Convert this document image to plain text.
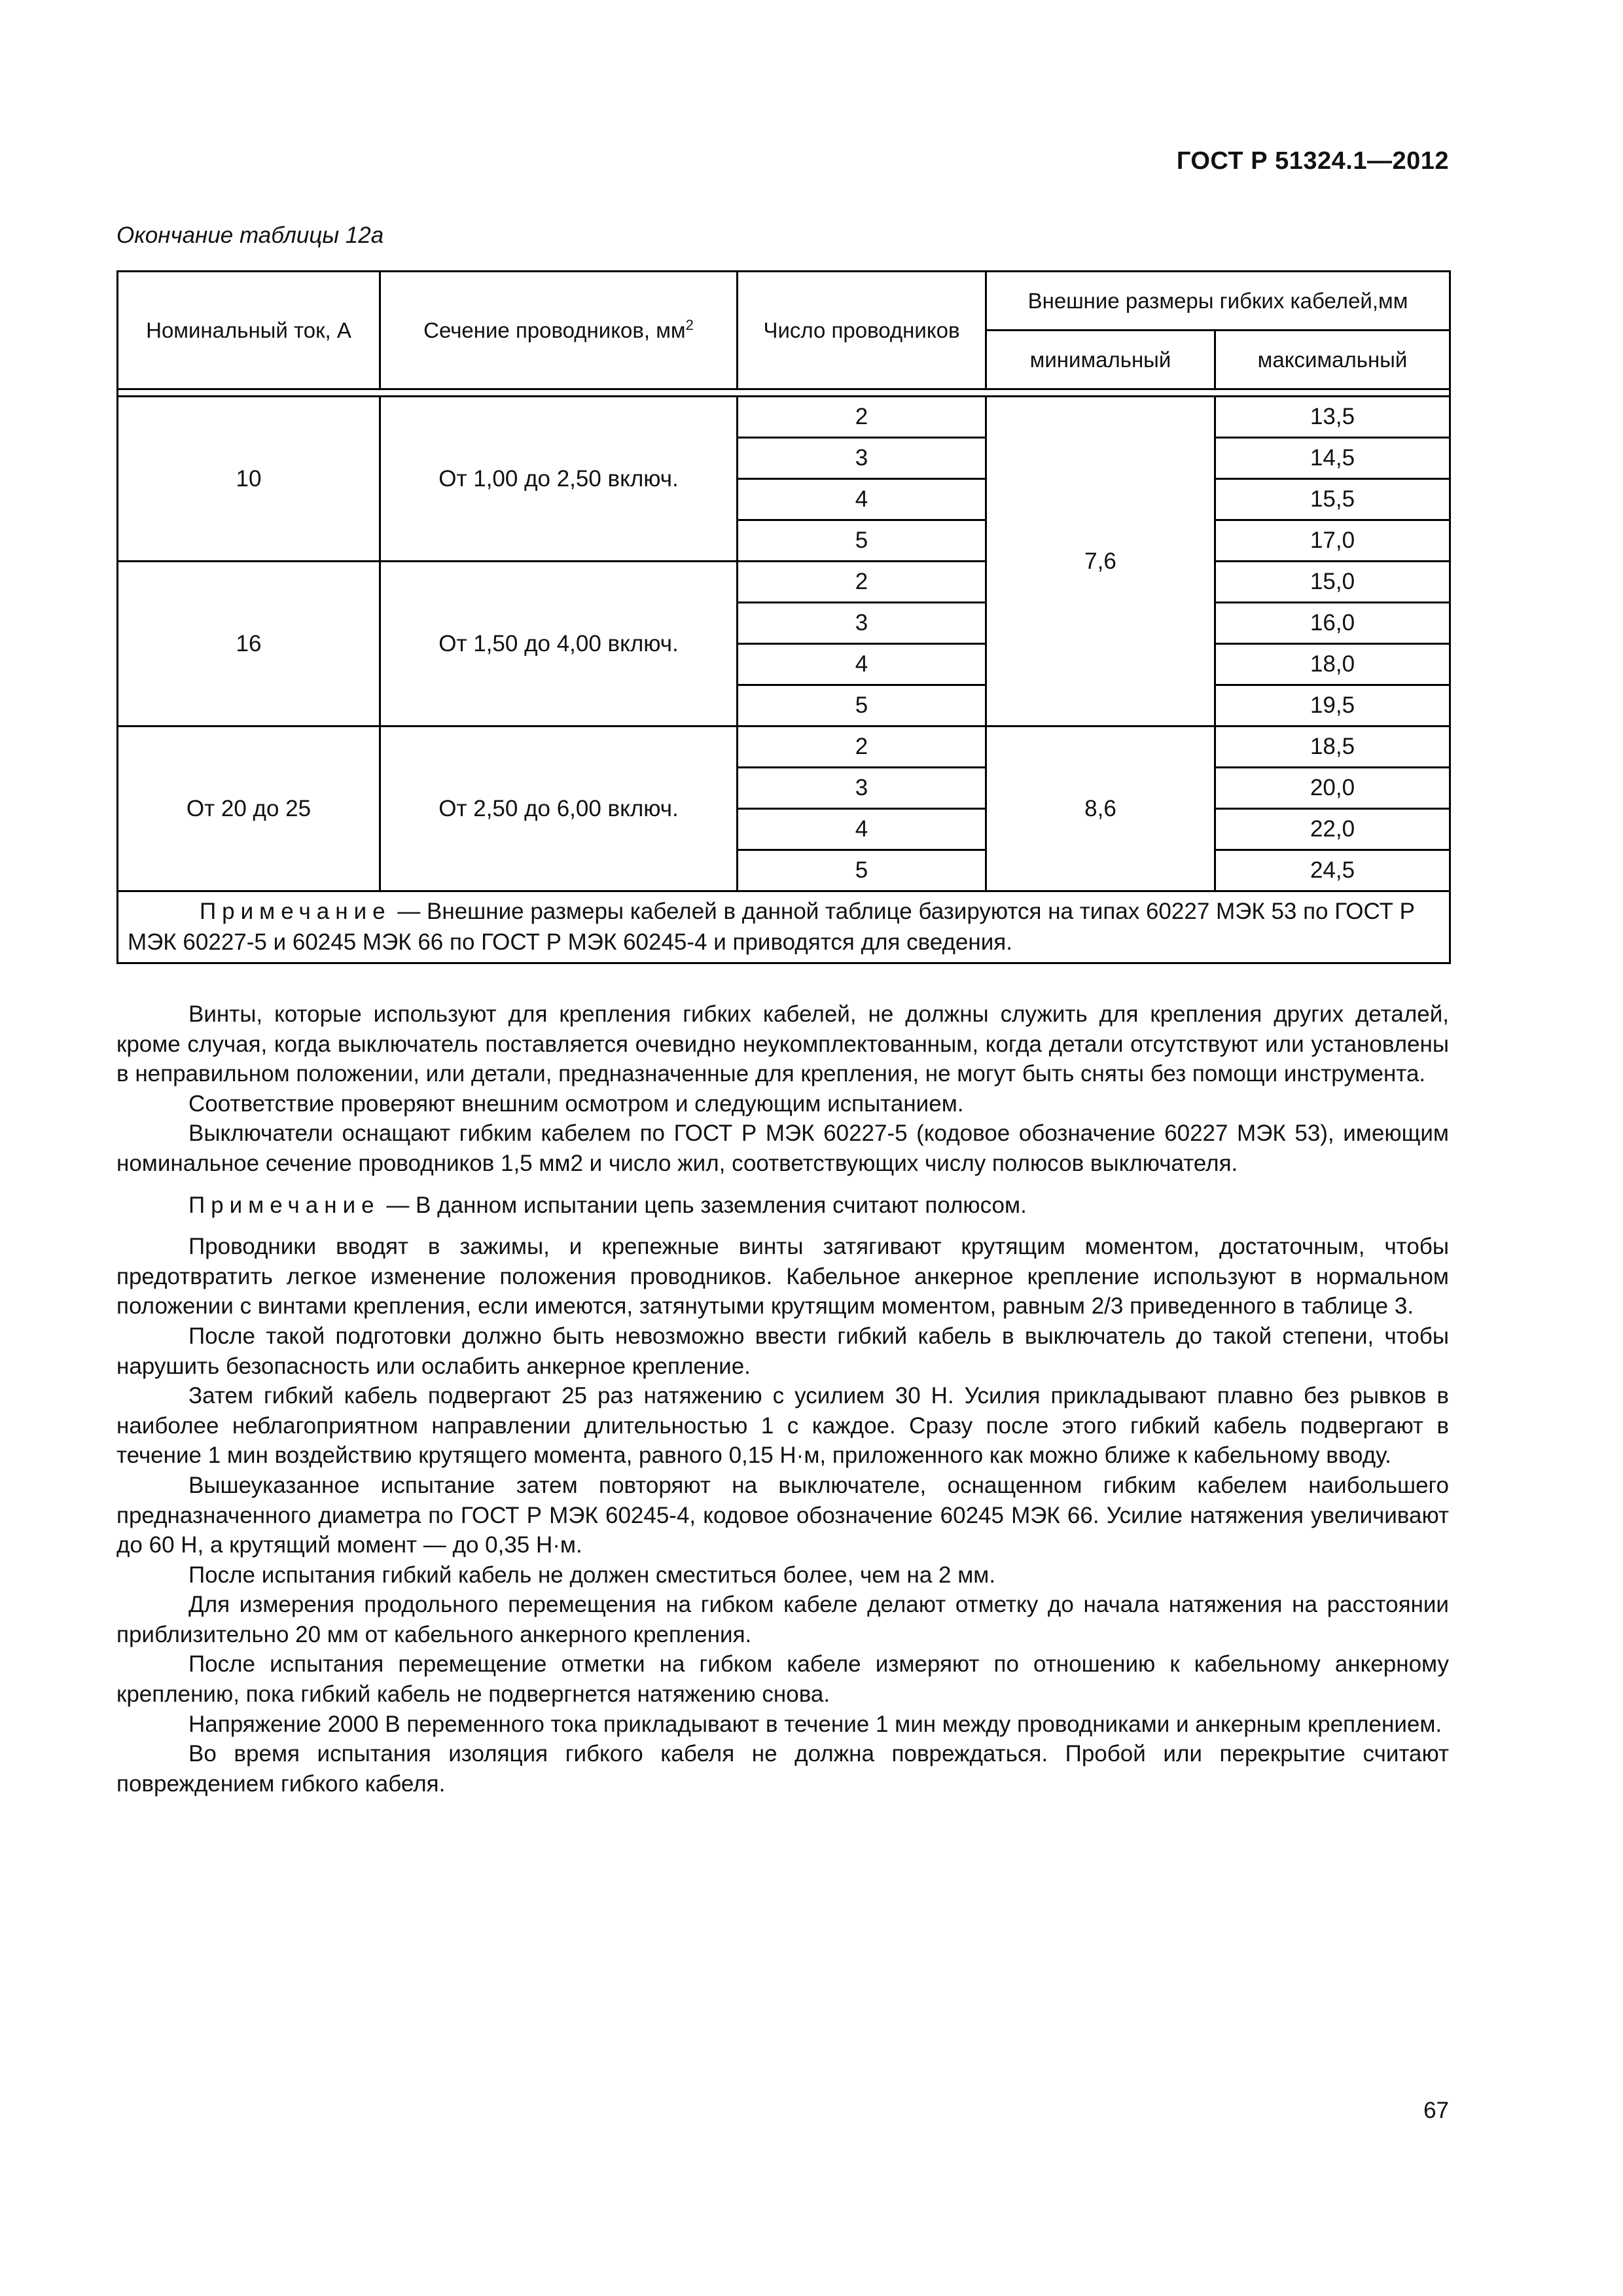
ГОСТ Р 51324.1—2012
Окончание таблицы 12а
Номинальный ток, А	Сечение проводников, $мм^2$	Число проводников	Внешние размеры гибких кабелей,мм	
			минимальный	максимальный

10	От 1,00 до 2,50 включ.	2	7,6	13,5
		3		14,5
		4		15,5
		5		17,0
16	От 1,50 до 4,00 включ.	2		15,0
		3		16,0
		4		18,0
		5		19,5
От 20 до 25	От 2,50 до 6,00 включ.	2	8,6	18,5
		3		20,0
		4		22,0
		5		24,5
Примечание — Внешние размеры кабелей в данной таблице базируются на типах 60227 МЭК 53 по ГОСТ Р МЭК 60227-5 и 60245 МЭК 66 по ГОСТ Р МЭК 60245-4 и приводятся для сведения.				

Винты, которые используют для крепления гибких кабелей, не должны служить для крепления других деталей, кроме случая, когда выключатель поставляется очевидно неукомплектованным, когда детали отсутствуют или установлены в неправильном положении, или детали, предназначенные для крепления, не могут быть сняты без помощи инструмента.

Соответствие проверяют внешним осмотром и следующим испытанием.

Выключатели оснащают гибким кабелем по ГОСТ Р МЭК 60227-5 (кодовое обозначение 60227 МЭК 53), имеющим номинальное сечение проводников 1,5 мм2 и число жил, соответствующих числу полюсов выключателя.

Примечание — В данном испытании цепь заземления считают полюсом.

Проводники вводят в зажимы, и крепежные винты затягивают крутящим моментом, достаточным, чтобы предотвратить легкое изменение положения проводников. Кабельное анкерное крепление используют в нормальном положении с винтами крепления, если имеются, затянутыми крутящим моментом, равным 2/3 приведенного в таблице 3.

После такой подготовки должно быть невозможно ввести гибкий кабель в выключатель до такой степени, чтобы нарушить безопасность или ослабить анкерное крепление.

Затем гибкий кабель подвергают 25 раз натяжению с усилием 30 Н. Усилия прикладывают плавно без рывков в наиболее неблагоприятном направлении длительностью 1 с каждое. Сразу после этого гибкий кабель подвергают в течение 1 мин воздействию крутящего момента, равного 0,15 Н·м, приложенного как можно ближе к кабельному вводу.

Вышеуказанное испытание затем повторяют на выключателе, оснащенном гибким кабелем наибольшего предназначенного диаметра по ГОСТ Р МЭК 60245-4, кодовое обозначение 60245 МЭК 66. Усилие натяжения увеличивают до 60 Н, а крутящий момент — до 0,35 Н·м.

После испытания гибкий кабель не должен сместиться более, чем на 2 мм.

Для измерения продольного перемещения на гибком кабеле делают отметку до начала натяжения на расстоянии приблизительно 20 мм от кабельного анкерного крепления.

После испытания перемещение отметки на гибком кабеле измеряют по отношению к кабельному анкерному креплению, пока гибкий кабель не подвергнется натяжению снова.

Напряжение 2000 В переменного тока прикладывают в течение 1 мин между проводниками и анкерным креплением.

Во время испытания изоляция гибкого кабеля не должна повреждаться. Пробой или перекрытие считают повреждением гибкого кабеля.

67
